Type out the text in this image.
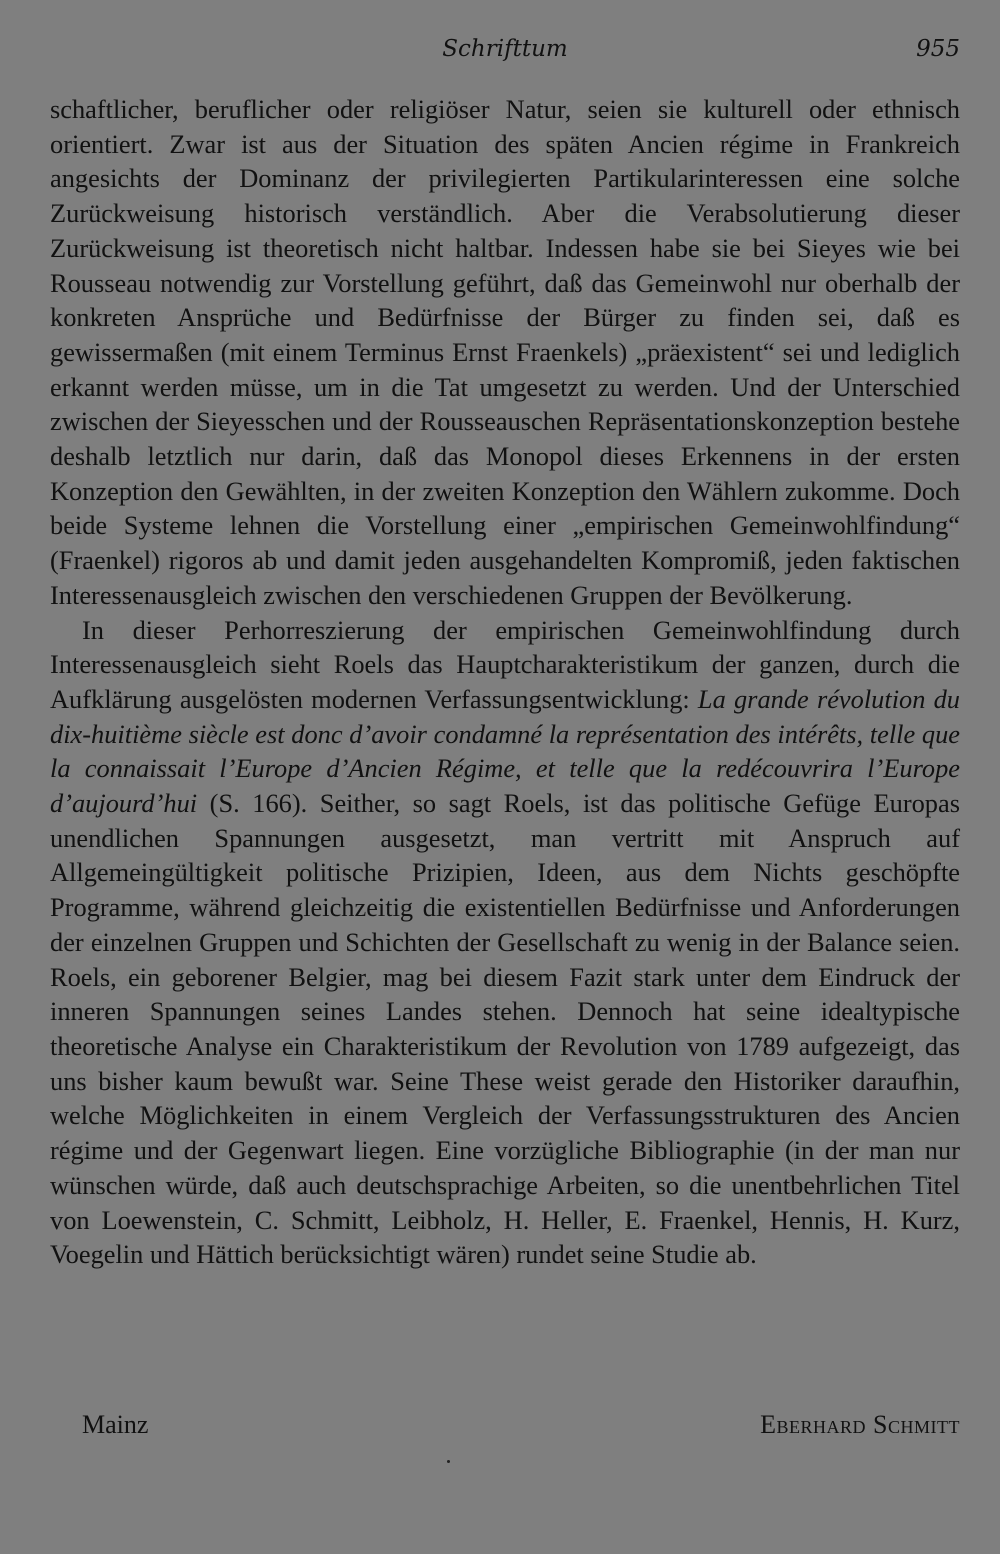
Schrifttum	955

schaftlicher, beruflicher oder religiöser Natur, seien sie kulturell oder ethnisch orientiert. Zwar ist aus der Situation des späten Ancien régime in Frankreich angesichts der Dominanz der privilegierten Partikularinteressen eine solche Zurückweisung historisch verständlich. Aber die Verabsolutierung dieser Zurückweisung ist theoretisch nicht haltbar. Indessen habe sie bei Sieyes wie bei Rousseau notwendig zur Vorstellung geführt, daß das Gemeinwohl nur oberhalb der konkreten Ansprüche und Bedürfnisse der Bürger zu finden sei, daß es gewissermaßen (mit einem Terminus Ernst Fraenkels) „präexistent“ sei und lediglich erkannt werden müsse, um in die Tat umgesetzt zu werden. Und der Unterschied zwischen der Sieyesschen und der Rousseauschen Repräsentationskonzeption bestehe deshalb letztlich nur darin, daß das Monopol dieses Erkennens in der ersten Konzeption den Gewählten, in der zweiten Konzeption den Wählern zukomme. Doch beide Systeme lehnen die Vorstellung einer „empirischen Gemeinwohlfindung“ (Fraenkel) rigoros ab und damit jeden ausgehandelten Kompromiß, jeden faktischen Interessenausgleich zwischen den verschiedenen Gruppen der Bevölkerung.

In dieser Perhorreszierung der empirischen Gemeinwohlfindung durch Interessenausgleich sieht Roels das Hauptcharakteristikum der ganzen, durch die Aufklärung ausgelösten modernen Verfassungsentwicklung: La grande révolution du dix-huitième siècle est donc d’avoir condamné la représentation des intérêts, telle que la connaissait l’Europe d’Ancien Régime, et telle que la redécouvrira l’Europe d’aujourd’hui (S. 166). Seither, so sagt Roels, ist das politische Gefüge Europas unendlichen Spannungen ausgesetzt, man vertritt mit Anspruch auf Allgemeingültigkeit politische Prizipien, Ideen, aus dem Nichts geschöpfte Programme, während gleichzeitig die existentiellen Bedürfnisse und Anforderungen der einzelnen Gruppen und Schichten der Gesellschaft zu wenig in der Balance seien. Roels, ein geborener Belgier, mag bei diesem Fazit stark unter dem Eindruck der inneren Spannungen seines Landes stehen. Dennoch hat seine idealtypische theoretische Analyse ein Charakteristikum der Revolution von 1789 aufgezeigt, das uns bisher kaum bewußt war. Seine These weist gerade den Historiker daraufhin, welche Möglichkeiten in einem Vergleich der Verfassungsstrukturen des Ancien régime und der Gegenwart liegen. Eine vorzügliche Bibliographie (in der man nur wünschen würde, daß auch deutschsprachige Arbeiten, so die unentbehrlichen Titel von Loewenstein, C. Schmitt, Leibholz, H. Heller, E. Fraenkel, Hennis, H. Kurz, Voegelin und Hättich berücksichtigt wären) rundet seine Studie ab.

Mainz	Eberhard Schmitt
